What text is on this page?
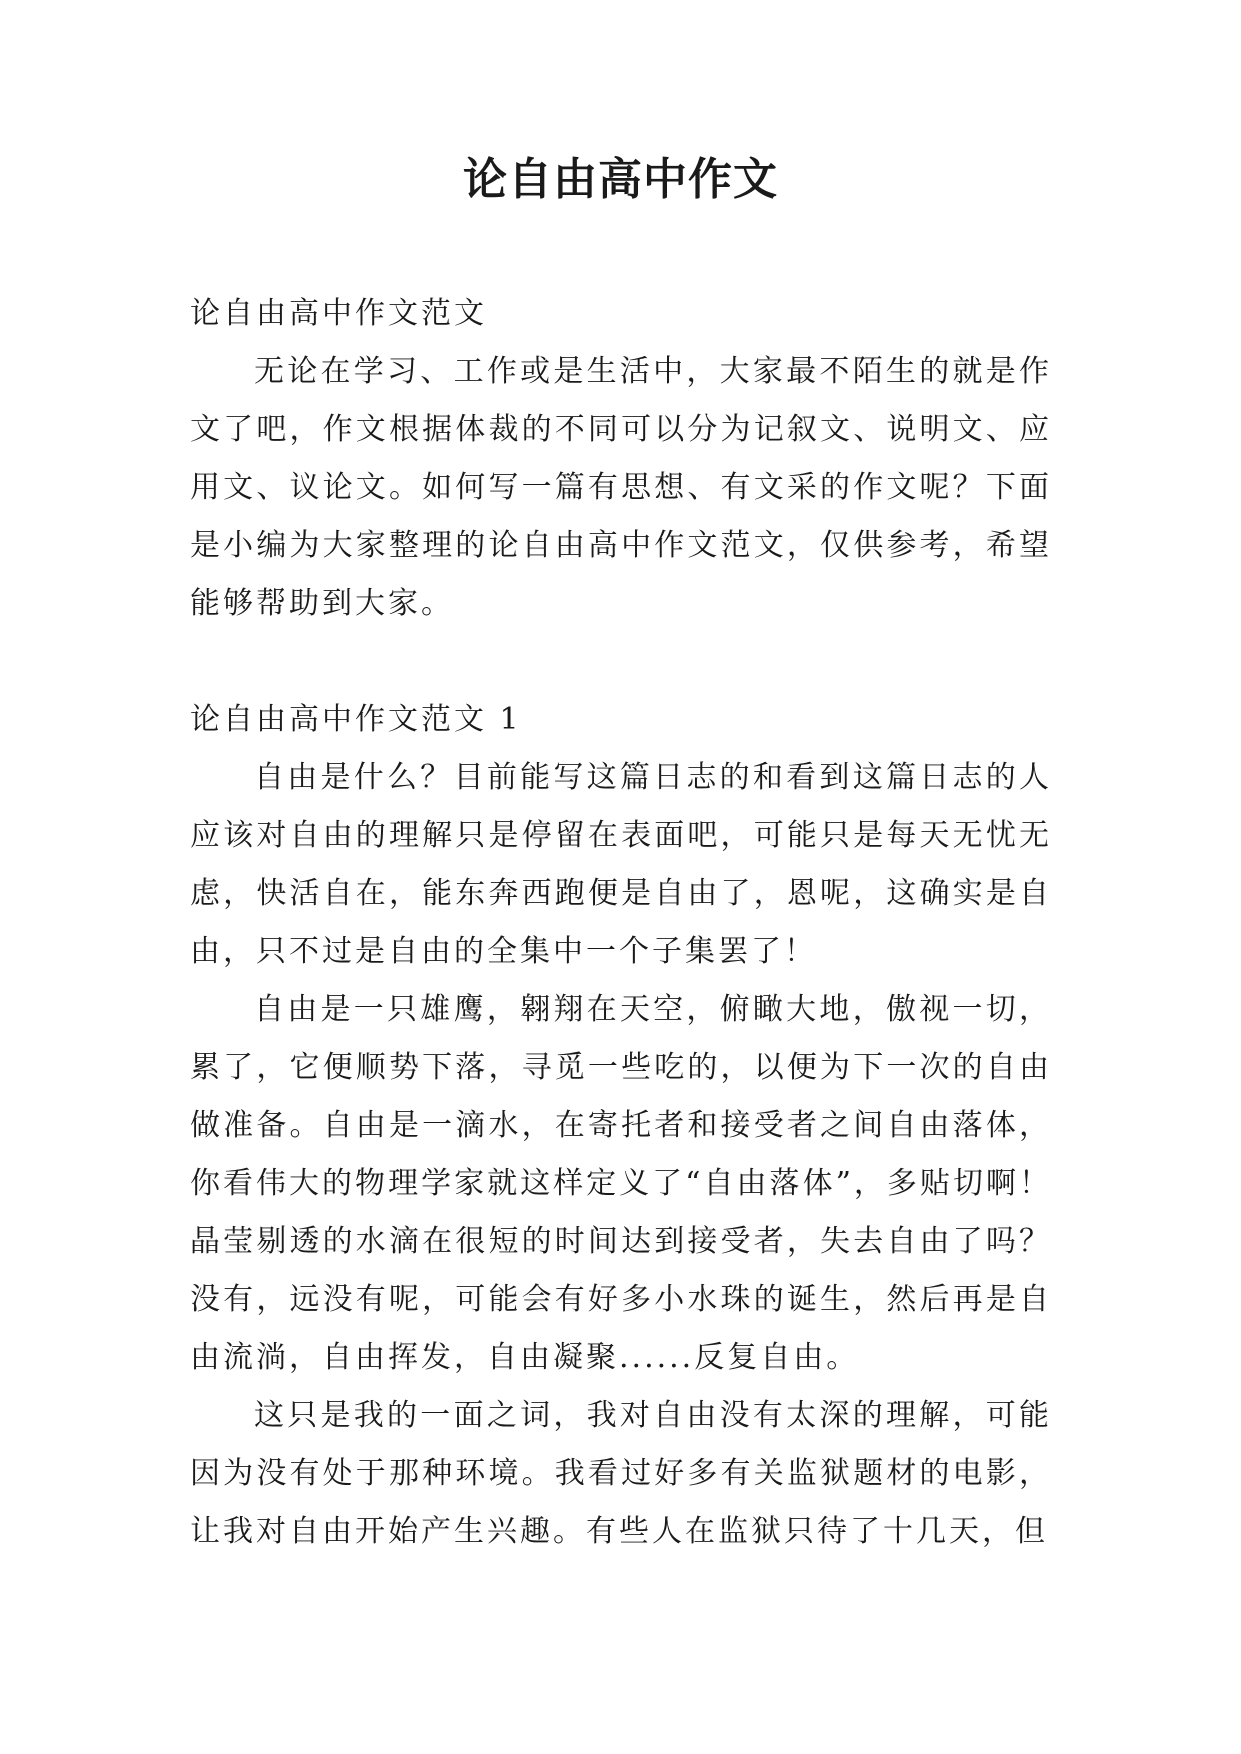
论自由高中作文

论自由高中作文范文

无论在学习、工作或是生活中，大家最不陌生的就是作文了吧，作文根据体裁的不同可以分为记叙文、说明文、应用文、议论文。如何写一篇有思想、有文采的作文呢？下面是小编为大家整理的论自由高中作文范文，仅供参考，希望能够帮助到大家。

论自由高中作文范文 1

自由是什么？目前能写这篇日志的和看到这篇日志的人应该对自由的理解只是停留在表面吧，可能只是每天无忧无虑，快活自在，能东奔西跑便是自由了，恩呢，这确实是自由，只不过是自由的全集中一个子集罢了！

自由是一只雄鹰，翱翔在天空，俯瞰大地，傲视一切，累了，它便顺势下落，寻觅一些吃的，以便为下一次的自由做准备。自由是一滴水，在寄托者和接受者之间自由落体，你看伟大的物理学家就这样定义了“自由落体”，多贴切啊！晶莹剔透的水滴在很短的时间达到接受者，失去自由了吗？没有，远没有呢，可能会有好多小水珠的诞生，然后再是自由流淌，自由挥发，自由凝聚......反复自由。

这只是我的一面之词，我对自由没有太深的理解，可能因为没有处于那种环境。我看过好多有关监狱题材的电影，让我对自由开始产生兴趣。有些人在监狱只待了十几天，但
